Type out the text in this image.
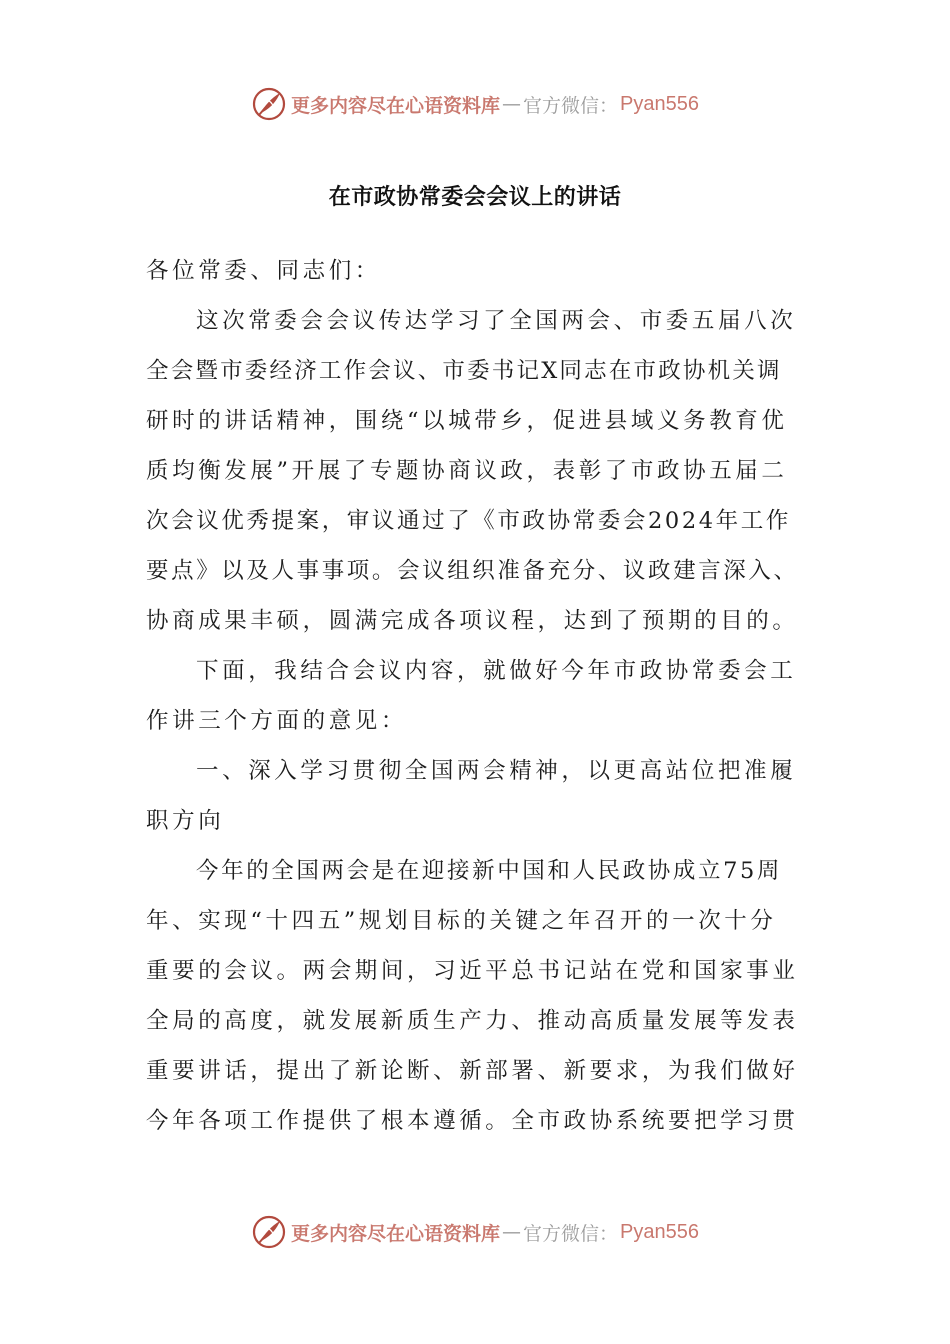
更多内容尽在心语资料库 — 官方微信： Pyan556
在市政协常委会会议上的讲话
各位常委、同志们：
这次常委会会议传达学习了全国两会、市委五届八次
全会暨市委经济工作会议、市委书记X同志在市政协机关调
研时的讲话精神，围绕“以城带乡，促进县域义务教育优
质均衡发展”开展了专题协商议政，表彰了市政协五届二
次会议优秀提案，审议通过了《市政协常委会2024年工作
要点》以及人事事项。会议组织准备充分、议政建言深入、
协商成果丰硕，圆满完成各项议程，达到了预期的目的。
下面，我结合会议内容，就做好今年市政协常委会工
作讲三个方面的意见：
一、深入学习贯彻全国两会精神，以更高站位把准履
职方向
今年的全国两会是在迎接新中国和人民政协成立75周
年、实现“十四五”规划目标的关键之年召开的一次十分
重要的会议。两会期间，习近平总书记站在党和国家事业
全局的高度，就发展新质生产力、推动高质量发展等发表
重要讲话，提出了新论断、新部署、新要求，为我们做好
今年各项工作提供了根本遵循。全市政协系统要把学习贯
更多内容尽在心语资料库 — 官方微信： Pyan556
